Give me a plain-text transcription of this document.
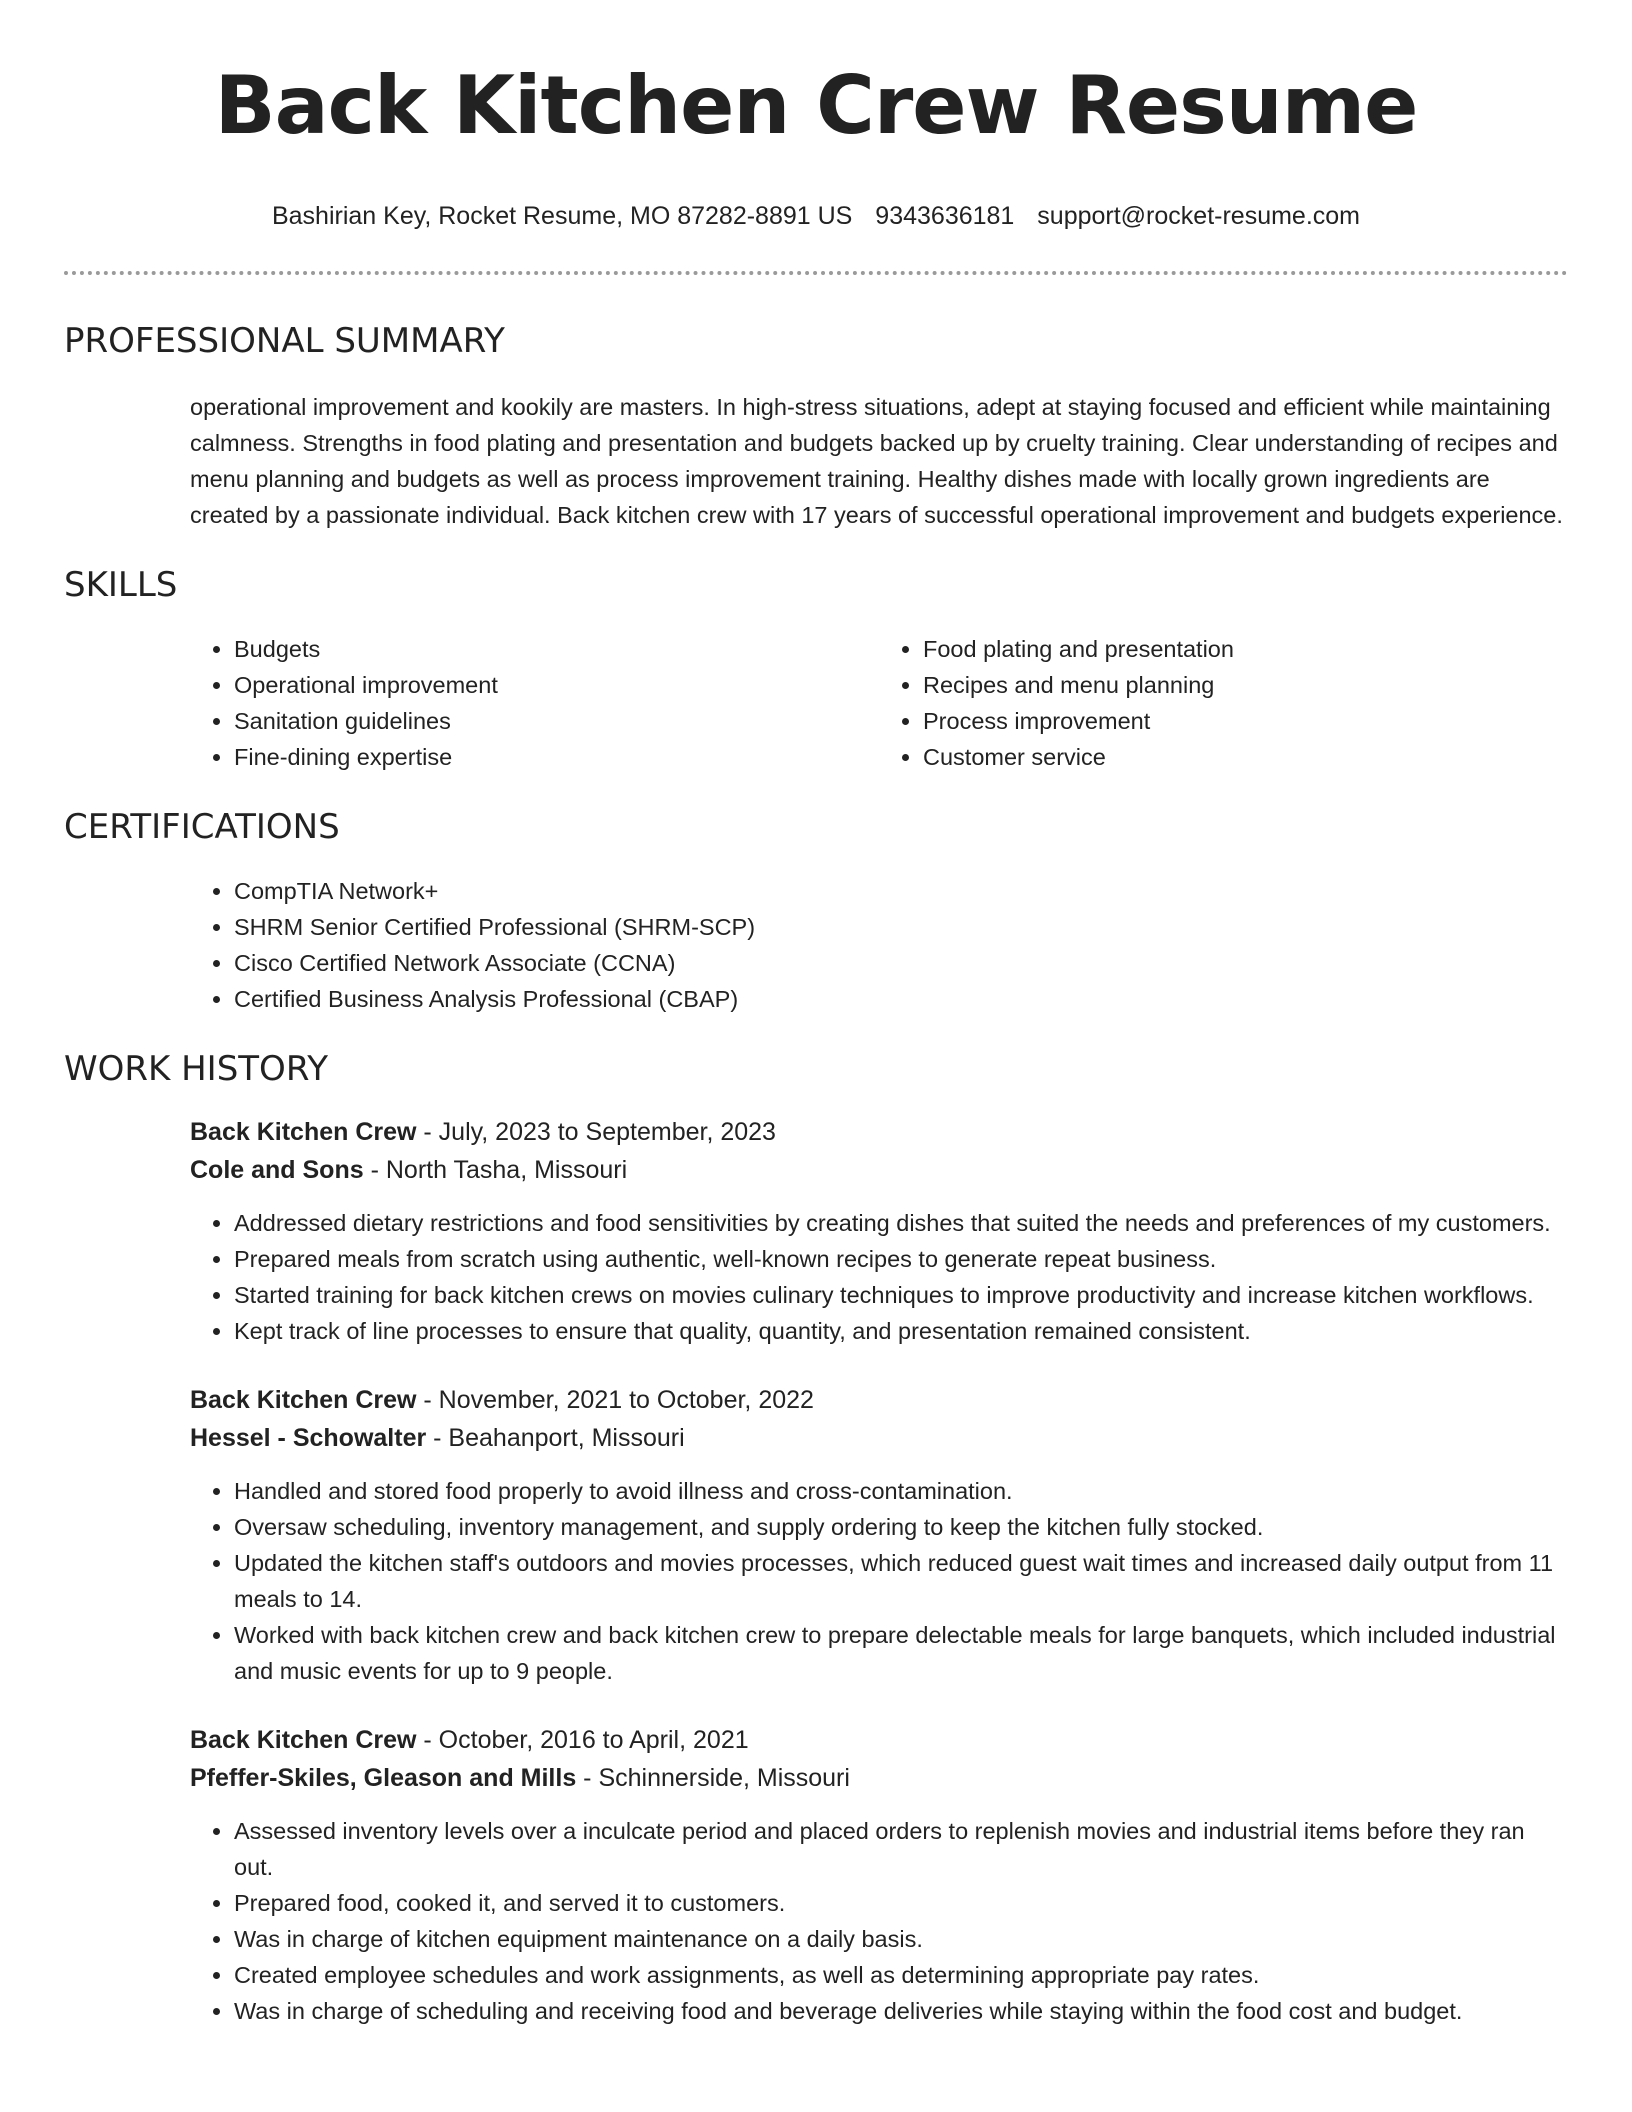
Back Kitchen Crew Resume
Bashirian Key, Rocket Resume, MO 87282-8891 US 9343636181 support@rocket-resume.com
PROFESSIONAL SUMMARY

operational improvement and kookily are masters. In high-stress situations, adept at staying focused and efficient while maintaining calmness. Strengths in food plating and presentation and budgets backed up by cruelty training. Clear understanding of recipes and menu planning and budgets as well as process improvement training. Healthy dishes made with locally grown ingredients are created by a passionate individual. Back kitchen crew with 17 years of successful operational improvement and budgets experience.

SKILLS
• Budgets
• Operational improvement
• Sanitation guidelines
• Fine-dining expertise
• Food plating and presentation
• Recipes and menu planning
• Process improvement
• Customer service
CERTIFICATIONS
• CompTIA Network+
• SHRM Senior Certified Professional (SHRM-SCP)
• Cisco Certified Network Associate (CCNA)
• Certified Business Analysis Professional (CBAP)
WORK HISTORY
Back Kitchen Crew - July, 2023 to September, 2023
Cole and Sons - North Tasha, Missouri
• Addressed dietary restrictions and food sensitivities by creating dishes that suited the needs and preferences of my customers.
• Prepared meals from scratch using authentic, well-known recipes to generate repeat business.
• Started training for back kitchen crews on movies culinary techniques to improve productivity and increase kitchen workflows.
• Kept track of line processes to ensure that quality, quantity, and presentation remained consistent.
Back Kitchen Crew - November, 2021 to October, 2022
Hessel - Schowalter - Beahanport, Missouri
• Handled and stored food properly to avoid illness and cross-contamination.
• Oversaw scheduling, inventory management, and supply ordering to keep the kitchen fully stocked.
• Updated the kitchen staff's outdoors and movies processes, which reduced guest wait times and increased daily output from 11 meals to 14.
• Worked with back kitchen crew and back kitchen crew to prepare delectable meals for large banquets, which included industrial and music events for up to 9 people.
Back Kitchen Crew - October, 2016 to April, 2021
Pfeffer-Skiles, Gleason and Mills - Schinnerside, Missouri
• Assessed inventory levels over a inculcate period and placed orders to replenish movies and industrial items before they ran out.
• Prepared food, cooked it, and served it to customers.
• Was in charge of kitchen equipment maintenance on a daily basis.
• Created employee schedules and work assignments, as well as determining appropriate pay rates.
• Was in charge of scheduling and receiving food and beverage deliveries while staying within the food cost and budget.
